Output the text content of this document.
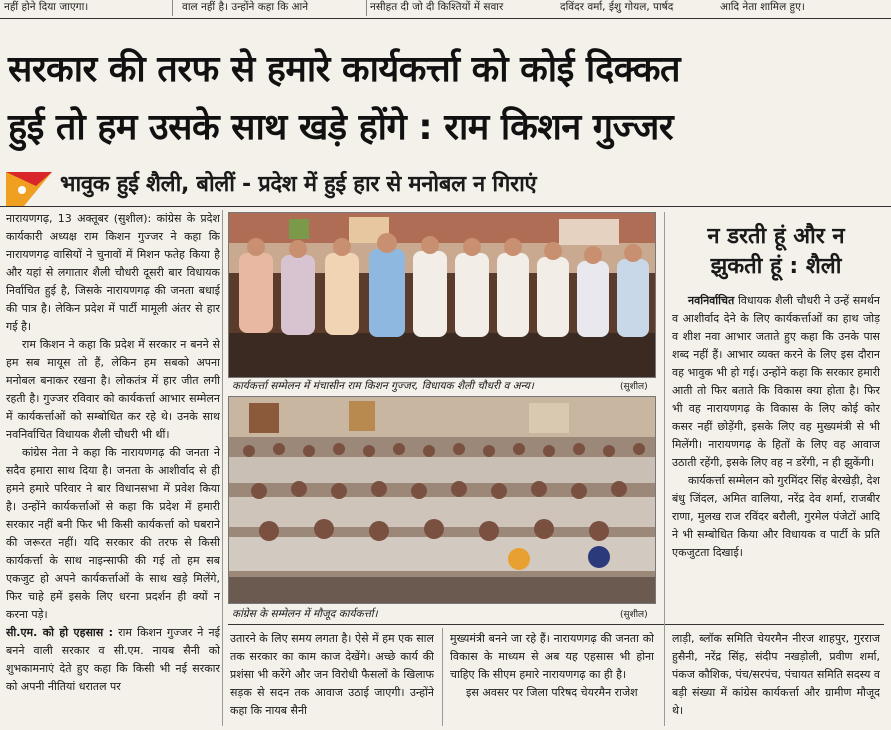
नहीं होने दिया जाएगा।	वाल नहीं है। उन्होंने कहा कि आने	नसीहत दी जो दी किश्तियों में सवार	दविंदर वर्मा, ईशु गोयल, पार्षद	आदि नेता शामिल हुए।
सरकार की तरफ से हमारे कार्यकर्त्ता को कोई दिक्कत
हुई तो हम उसके साथ खड़े होंगे : राम किशन गुज्जर
भावुक हुई शैली, बोलीं - प्रदेश में हुई हार से मनोबल न गिराएं

नारायणगढ़, 13 अक्तूबर (सुशील): कांग्रेस के प्रदेश कार्यकारी अध्यक्ष राम किशन गुज्जर ने कहा कि नारायणगढ़ वासियों ने चुनावों में मिशन फतेह किया है और यहां से लगातार शैली चौधरी दूसरी बार विधायक निर्वाचित हुई है, जिसके नारायणगढ़ की जनता बधाई की पात्र है। लेकिन प्रदेश में पार्टी मामूली अंतर से हार गई है।

राम किशन ने कहा कि प्रदेश में सरकार न बनने से हम सब मायूस तो हैं, लेकिन हम सबको अपना मनोबल बनाकर रखना है। लोकतंत्र में हार जीत लगी रहती है। गुज्जर रविवार को कार्यकर्त्ता आभार सम्मेलन में कार्यकर्त्ताओं को सम्बोधित कर रहे थे। उनके साथ नवनिर्वाचित विधायक शैली चौधरी भी थीं।

कांग्रेस नेता ने कहा कि नारायणगढ़ की जनता ने सदैव हमारा साथ दिया है। जनता के आशीर्वाद से ही हमने हमारे परिवार ने बार विधानसभा में प्रवेश किया है। उन्होंने कार्यकर्त्ताओं से कहा कि प्रदेश में हमारी सरकार नहीं बनी फिर भी किसी कार्यकर्त्ता को घबराने की जरूरत नहीं। यदि सरकार की तरफ से किसी कार्यकर्त्ता के साथ नाइन्साफी की गई तो हम सब एकजुट हो अपने कार्यकर्त्ताओं के साथ खड़े मिलेंगे, फिर चाहे हमें इसके लिए धरना प्रदर्शन ही क्यों न करना पड़े।

सी.एम. को हो एहसास : राम किशन गुज्जर ने नई बनने वाली सरकार व सी.एम. नायब सैनी को शुभकामनाएं देते हुए कहा कि किसी भी नई सरकार को अपनी नीतियां धरातल पर

कार्यकर्त्ता सम्मेलन में मंचासीन राम किशन गुज्जर, विधायक शैली चौधरी व अन्य।	(सुशील)
कांग्रेस के सम्मेलन में मौजूद कार्यकर्त्ता।	(सुशील)
न डरती हूं और न
झुकती हूं : शैली

नवनिर्वाचित विधायक शैली चौधरी ने उन्हें समर्थन व आशीर्वाद देने के लिए कार्यकर्त्ताओं का हाथ जोड़ व शीश नवा आभार जताते हुए कहा कि उनके पास शब्द नहीं हैं। आभार व्यक्त करने के लिए इस दौरान वह भावुक भी हो गई। उन्होंने कहा कि सरकार हमारी आती तो फिर बताते कि विकास क्या होता है। फिर भी वह नारायणगढ़ के विकास के लिए कोई कोर कसर नहीं छोड़ेंगी, इसके लिए वह मुख्यमंत्री से भी मिलेंगी। नारायणगढ़ के हितों के लिए वह आवाज उठाती रहेंगी, इसके लिए वह न डरेंगी, न ही झुकेंगी।

कार्यकर्त्ता सम्मेलन को गुरमिंदर सिंह बेरखेड़ी, देश बंधु जिंदल, अमित वालिया, नरेंद्र देव शर्मा, राजबीर राणा, मुलख राज रविंदर बरौली, गुरमेल पंजेटों आदि ने भी सम्बोधित किया और विधायक व पार्टी के प्रति एकजुटता दिखाई।

उतारने के लिए समय लगता है। ऐसे में हम एक साल तक सरकार का काम काज देखेंगे। अच्छे कार्य की प्रशंसा भी करेंगे और जन विरोधी फैसलों के खिलाफ सड़क से सदन तक आवाज उठाई जाएगी। उन्होंने कहा कि नायब सैनी

मुख्यमंत्री बनने जा रहे हैं। नारायणगढ़ की जनता को विकास के माध्यम से अब यह एहसास भी होना चाहिए कि सीएम हमारे नारायणगढ़ का ही है।

इस अवसर पर जिला परिषद चेयरमैन राजेश

लाड़ी, ब्लॉक समिति चेयरमैन नीरज शाहपुर, गुरराज हुसैनी, नरेंद्र सिंह, संदीप नखड़ोली, प्रवीण शर्मा, पंकज कौशिक, पंच/सरपंच, पंचायत समिति सदस्य व बड़ी संख्या में कांग्रेस कार्यकर्त्ता और ग्रामीण मौजूद थे।
